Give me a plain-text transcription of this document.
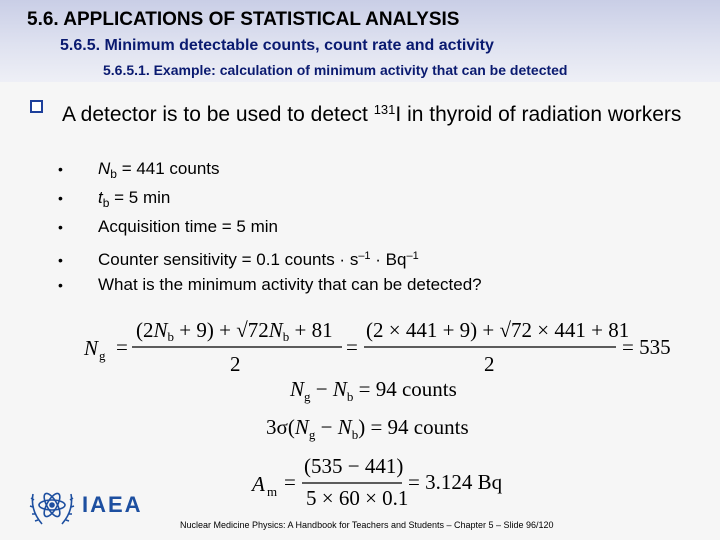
5.6. APPLICATIONS OF STATISTICAL ANALYSIS
5.6.5. Minimum detectable counts, count rate and activity
5.6.5.1. Example: calculation of minimum activity that can be detected
A detector is to be used to detect $^{131}$I in thyroid of radiation workers
• $N_b = 441$ counts
• $t_b = 5$ min
• Acquisition time = 5 min
• Counter sensitivity = 0.1 counts · $s^{-1} \cdot Bq^{-1}$
• What is the minimum activity that can be detected?
N g =
(2Nb + 9) + √72Nb + 81
2
=
(2 × 441 + 9) + √72 × 441 + 81
2
= 535
$N_g - N_b = 94$ counts
$3\sigma(N_g - N_b) = 94$ counts
A m =
(535 − 441)
5 × 60 × 0.1
= 3.124 Bq
IAEA
Nuclear Medicine Physics: A Handbook for Teachers and Students – Chapter 5 – Slide 96/120
